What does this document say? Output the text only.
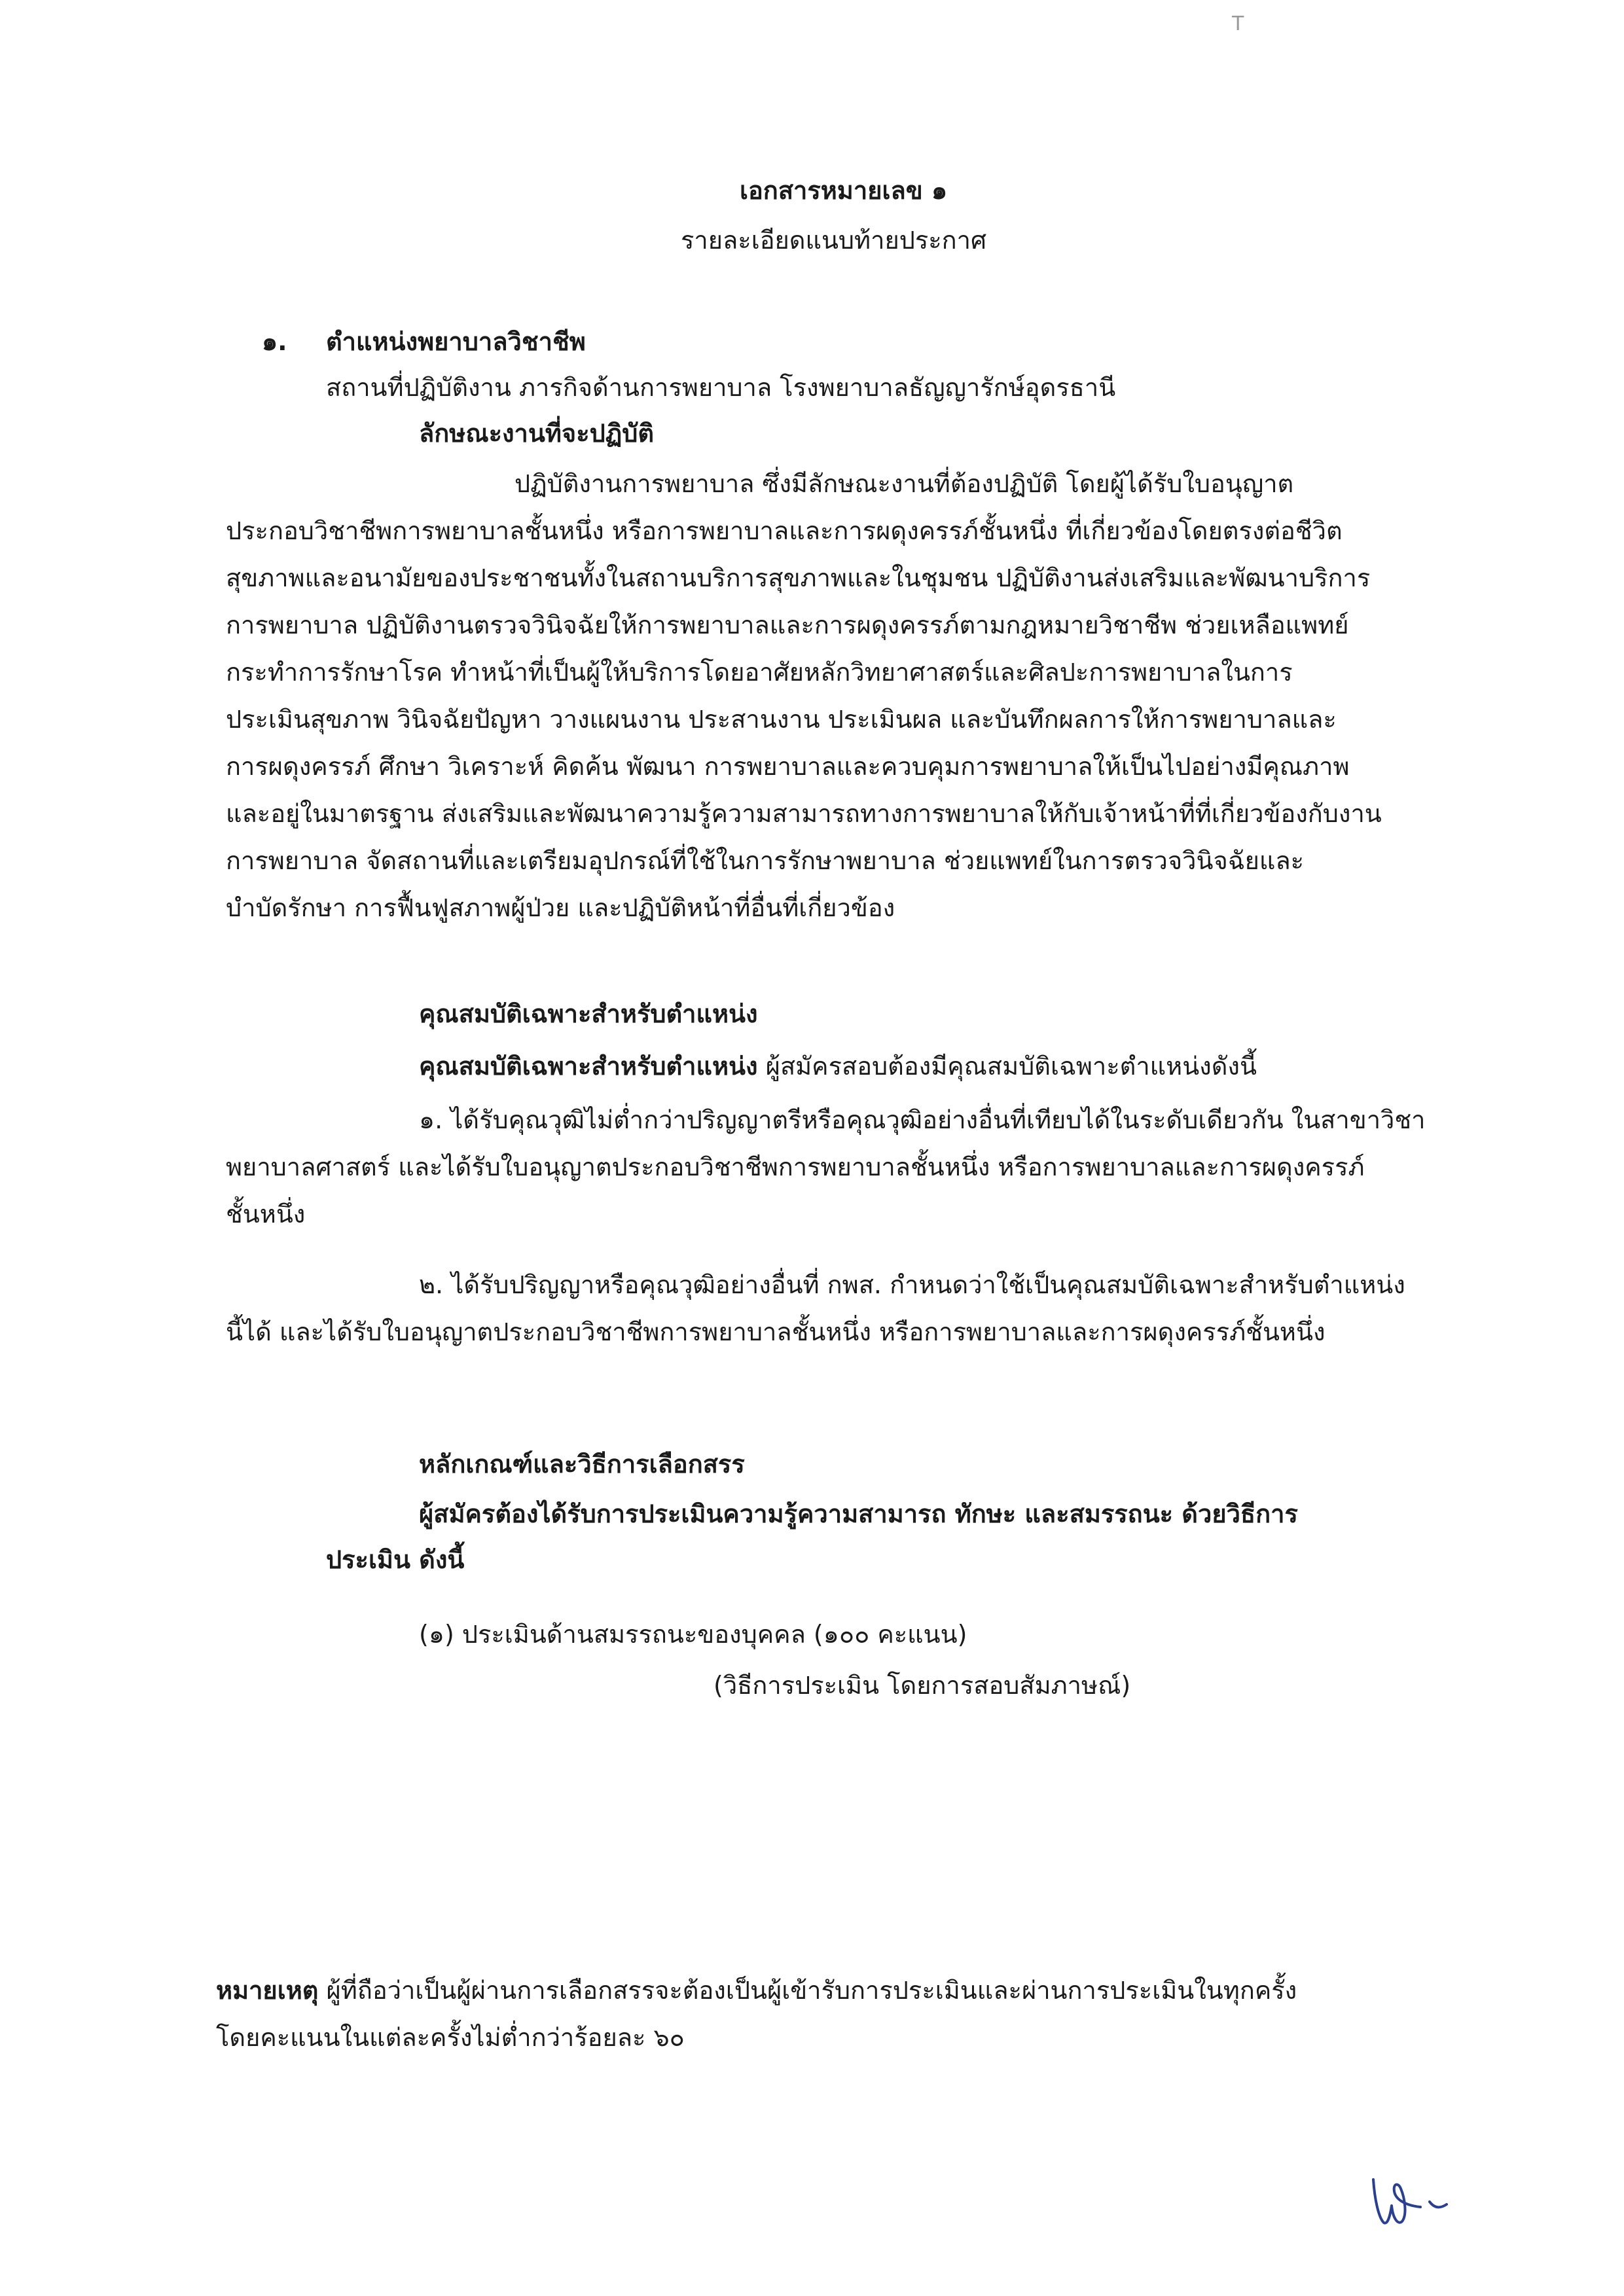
T
เอกสารหมายเลข ๑
รายละเอียดแนบท้ายประกาศ
๑. ตำแหน่งพยาบาลวิชาชีพ
สถานที่ปฏิบัติงาน ภารกิจด้านการพยาบาล โรงพยาบาลธัญญารักษ์อุดรธานี
ลักษณะงานที่จะปฏิบัติ
ปฏิบัติงานการพยาบาล ซึ่งมีลักษณะงานที่ต้องปฏิบัติ โดยผู้ได้รับใบอนุญาต
ประกอบวิชาชีพการพยาบาลชั้นหนึ่ง หรือการพยาบาลและการผดุงครรภ์ชั้นหนึ่ง ที่เกี่ยวข้องโดยตรงต่อชีวิต
สุขภาพและอนามัยของประชาชนทั้งในสถานบริการสุขภาพและในชุมชน ปฏิบัติงานส่งเสริมและพัฒนาบริการ
การพยาบาล ปฏิบัติงานตรวจวินิจฉัยให้การพยาบาลและการผดุงครรภ์ตามกฎหมายวิชาชีพ ช่วยเหลือแพทย์
กระทำการรักษาโรค ทำหน้าที่เป็นผู้ให้บริการโดยอาศัยหลักวิทยาศาสตร์และศิลปะการพยาบาลในการ
ประเมินสุขภาพ วินิจฉัยปัญหา วางแผนงาน ประสานงาน ประเมินผล และบันทึกผลการให้การพยาบาลและ
การผดุงครรภ์ ศึกษา วิเคราะห์ คิดค้น พัฒนา การพยาบาลและควบคุมการพยาบาลให้เป็นไปอย่างมีคุณภาพ
และอยู่ในมาตรฐาน ส่งเสริมและพัฒนาความรู้ความสามารถทางการพยาบาลให้กับเจ้าหน้าที่ที่เกี่ยวข้องกับงาน
การพยาบาล จัดสถานที่และเตรียมอุปกรณ์ที่ใช้ในการรักษาพยาบาล ช่วยแพทย์ในการตรวจวินิจฉัยและ
บำบัดรักษา การฟื้นฟูสภาพผู้ป่วย และปฏิบัติหน้าที่อื่นที่เกี่ยวข้อง
คุณสมบัติเฉพาะสำหรับตำแหน่ง
คุณสมบัติเฉพาะสำหรับตำแหน่ง ผู้สมัครสอบต้องมีคุณสมบัติเฉพาะตำแหน่งดังนี้
๑. ได้รับคุณวุฒิไม่ต่ำกว่าปริญญาตรีหรือคุณวุฒิอย่างอื่นที่เทียบได้ในระดับเดียวกัน ในสาขาวิชา
พยาบาลศาสตร์ และได้รับใบอนุญาตประกอบวิชาชีพการพยาบาลชั้นหนึ่ง หรือการพยาบาลและการผดุงครรภ์
ชั้นหนึ่ง
๒. ได้รับปริญญาหรือคุณวุฒิอย่างอื่นที่ กพส. กำหนดว่าใช้เป็นคุณสมบัติเฉพาะสำหรับตำแหน่ง
นี้ได้ และได้รับใบอนุญาตประกอบวิชาชีพการพยาบาลชั้นหนึ่ง หรือการพยาบาลและการผดุงครรภ์ชั้นหนึ่ง
หลักเกณฑ์และวิธีการเลือกสรร
ผู้สมัครต้องได้รับการประเมินความรู้ความสามารถ ทักษะ และสมรรถนะ ด้วยวิธีการ
ประเมิน ดังนี้
(๑) ประเมินด้านสมรรถนะของบุคคล (๑๐๐ คะแนน)
(วิธีการประเมิน โดยการสอบสัมภาษณ์)
หมายเหตุ ผู้ที่ถือว่าเป็นผู้ผ่านการเลือกสรรจะต้องเป็นผู้เข้ารับการประเมินและผ่านการประเมินในทุกครั้ง
โดยคะแนนในแต่ละครั้งไม่ต่ำกว่าร้อยละ ๖๐
